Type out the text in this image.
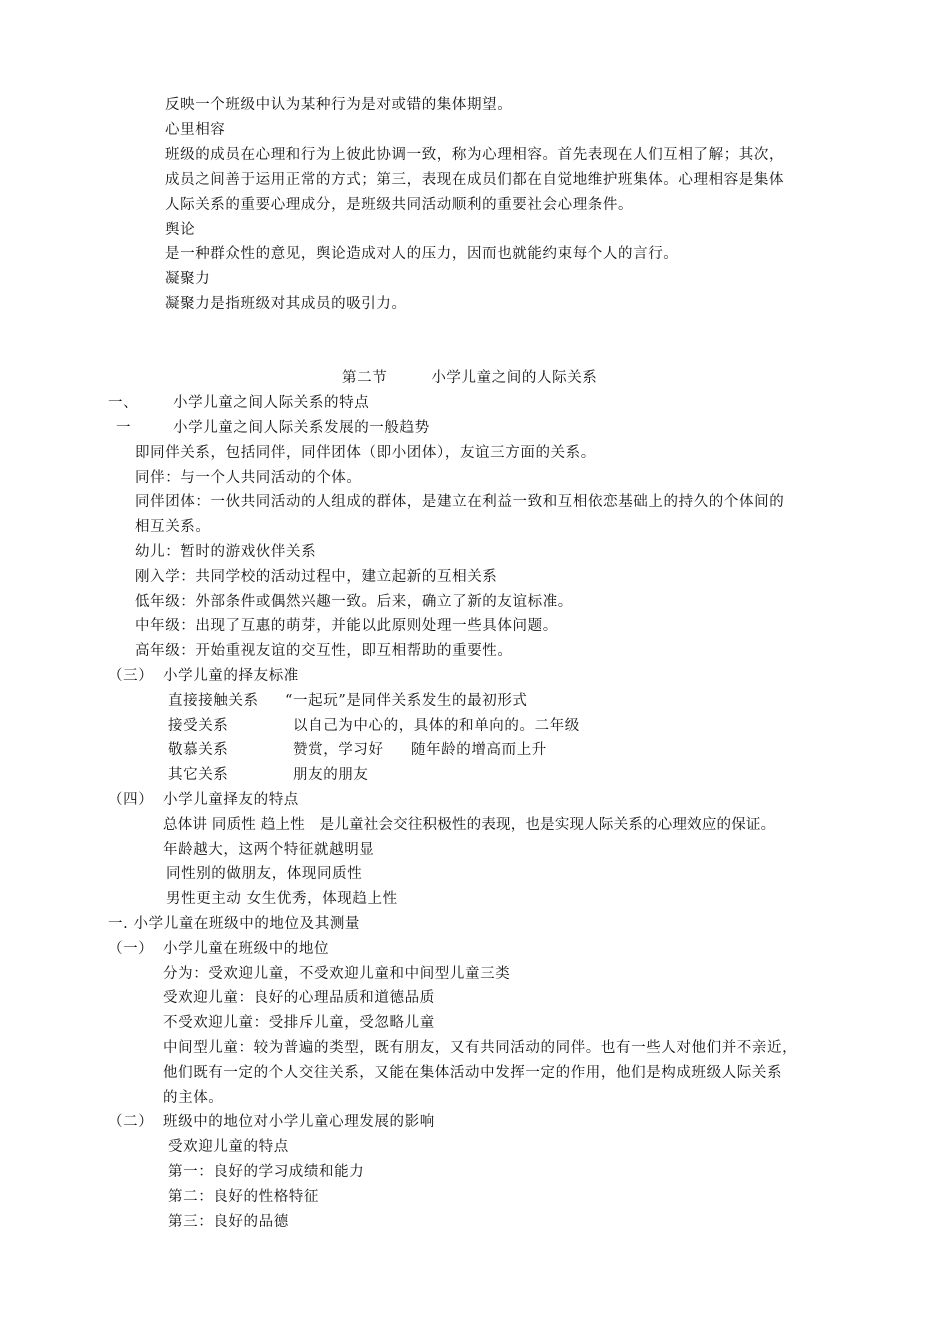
反映一个班级中认为某种行为是对或错的集体期望。
心里相容
班级的成员在心理和行为上彼此协调一致，称为心理相容。首先表现在人们互相了解；其次，
成员之间善于运用正常的方式；第三，表现在成员们都在自觉地维护班集体。心理相容是集体
人际关系的重要心理成分，是班级共同活动顺利的重要社会心理条件。
舆论
是一种群众性的意见，舆论造成对人的压力，因而也就能约束每个人的言行。
凝聚力
凝聚力是指班级对其成员的吸引力。
第二节	小学儿童之间的人际关系
一、 小学儿童之间人际关系的特点
一	小学儿童之间人际关系发展的一般趋势
即同伴关系，包括同伴，同伴团体（即小团体），友谊三方面的关系。
同伴：与一个人共同活动的个体。
同伴团体：一伙共同活动的人组成的群体，是建立在利益一致和互相依恋基础上的持久的个体间的
相互关系。
幼儿：暂时的游戏伙伴关系
刚入学：共同学校的活动过程中，建立起新的互相关系
低年级：外部条件或偶然兴趣一致。后来，确立了新的友谊标准。
中年级：出现了互惠的萌芽，并能以此原则处理一些具体问题。
高年级：开始重视友谊的交互性，即互相帮助的重要性。
（三） 小学儿童的择友标准
直接接触关系 “一起玩”是同伴关系发生的最初形式
接受关系	以自己为中心的，具体的和单向的。二年级
敬慕关系	赞赏，学习好 随年龄的增高而上升
其它关系	朋友的朋友
（四） 小学儿童择友的特点
总体讲 同质性 趋上性　是儿童社会交往积极性的表现，也是实现人际关系的心理效应的保证。
年龄越大，这两个特征就越明显
同性别的做朋友，体现同质性
男性更主动 女生优秀，体现趋上性
一. 小学儿童在班级中的地位及其测量
（一） 小学儿童在班级中的地位
分为：受欢迎儿童，不受欢迎儿童和中间型儿童三类
受欢迎儿童：良好的心理品质和道德品质
不受欢迎儿童：受排斥儿童，受忽略儿童
中间型儿童：较为普遍的类型，既有朋友，又有共同活动的同伴。也有一些人对他们并不亲近，
他们既有一定的个人交往关系，又能在集体活动中发挥一定的作用，他们是构成班级人际关系
的主体。
（二） 班级中的地位对小学儿童心理发展的影响
受欢迎儿童的特点
第一：良好的学习成绩和能力
第二：良好的性格特征
第三：良好的品德
